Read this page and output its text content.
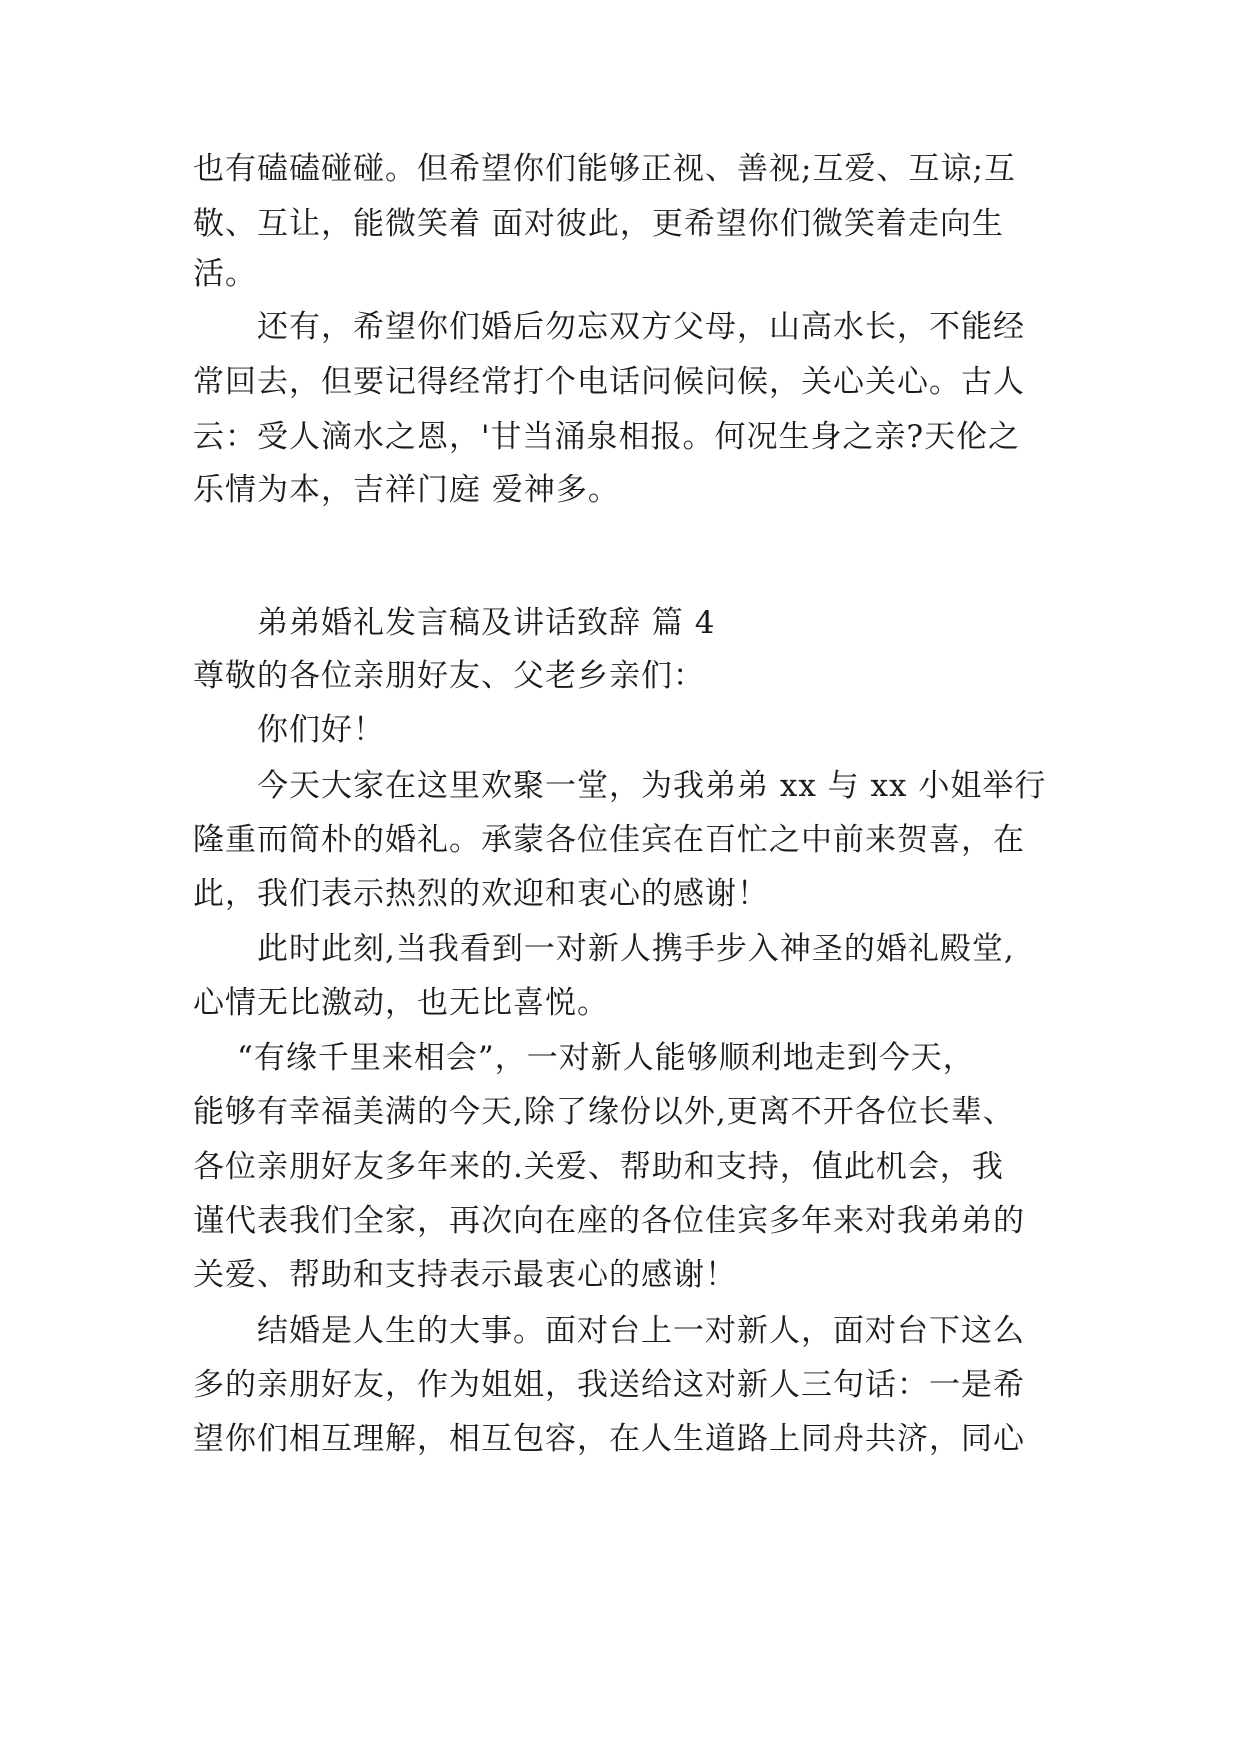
也有磕磕碰碰。但希望你们能够正视、善视;互爱、互谅;互
敬、互让，能微笑着 面对彼此，更希望你们微笑着走向生
活。
还有，希望你们婚后勿忘双方父母，山高水长，不能经
常回去，但要记得经常打个电话问候问候，关心关心。古人
云：受人滴水之恩，'甘当涌泉相报。何况生身之亲?天伦之
乐情为本，吉祥门庭 爱神多。
弟弟婚礼发言稿及讲话致辞 篇 4
尊敬的各位亲朋好友、父老乡亲们：
你们好！
今天大家在这里欢聚一堂，为我弟弟 xx 与 xx 小姐举行
隆重而简朴的婚礼。承蒙各位佳宾在百忙之中前来贺喜，在
此，我们表示热烈的欢迎和衷心的感谢！
此时此刻,当我看到一对新人携手步入神圣的婚礼殿堂,
心情无比激动，也无比喜悦。
“有缘千里来相会”，一对新人能够顺利地走到今天，
能够有幸福美满的今天,除了缘份以外,更离不开各位长辈、
各位亲朋好友多年来的.关爱、帮助和支持，值此机会，我
谨代表我们全家，再次向在座的各位佳宾多年来对我弟弟的
关爱、帮助和支持表示最衷心的感谢！
结婚是人生的大事。面对台上一对新人，面对台下这么
多的亲朋好友，作为姐姐，我送给这对新人三句话：一是希
望你们相互理解，相互包容，在人生道路上同舟共济，同心
